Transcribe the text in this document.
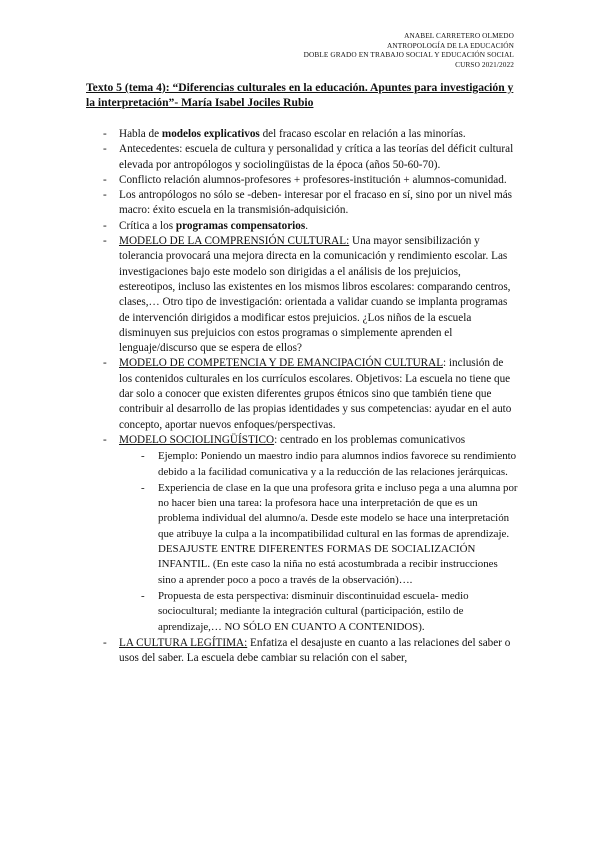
ANABEL CARRETERO OLMEDO
ANTROPOLOGÍA DE LA EDUCACIÓN
DOBLE GRADO EN TRABAJO SOCIAL Y EDUCACIÓN SOCIAL
CURSO 2021/2022
Texto 5 (tema 4): “Diferencias culturales en la educación. Apuntes para investigación y la interpretación”- María Isabel Jociles Rubio
- Habla de modelos explicativos del fracaso escolar en relación a las minorías.
- Antecedentes: escuela de cultura y personalidad y crítica a las teorías del déficit cultural elevada por antropólogos y sociolingüistas de la época (años 50-60-70).
- Conflicto relación alumnos-profesores + profesores-institución + alumnos-comunidad.
- Los antropólogos no sólo se -deben- interesar por el fracaso en sí, sino por un nivel más macro: éxito escuela en la transmisión-adquisición.
- Crítica a los programas compensatorios.
- MODELO DE LA COMPRENSIÓN CULTURAL: Una mayor sensibilización y tolerancia provocará una mejora directa en la comunicación y rendimiento escolar. Las investigaciones bajo este modelo son dirigidas a el análisis de los prejuicios, estereotipos, incluso las existentes en los mismos libros escolares: comparando centros, clases,… Otro tipo de investigación: orientada a validar cuando se implanta programas de intervención dirigidos a modificar estos prejuicios. ¿Los niños de la escuela disminuyen sus prejuicios con estos programas o simplemente aprenden el lenguaje/discurso que se espera de ellos?
- MODELO DE COMPETENCIA Y DE EMANCIPACIÓN CULTURAL: inclusión de los contenidos culturales en los currículos escolares. Objetivos: La escuela no tiene que dar solo a conocer que existen diferentes grupos étnicos sino que también tiene que contribuir al desarrollo de las propias identidades y sus competencias: ayudar en el auto concepto, aportar nuevos enfoques/perspectivas.
- MODELO SOCIOLINGÜÍSTICO: centrado en los problemas comunicativos
- Ejemplo: Poniendo un maestro indio para alumnos indios favorece su rendimiento debido a la facilidad comunicativa y a la reducción de las relaciones jerárquicas.
- Experiencia de clase en la que una profesora grita e incluso pega a una alumna por no hacer bien una tarea: la profesora hace una interpretación de que es un problema individual del alumno/a. Desde este modelo se hace una interpretación que atribuye la culpa a la incompatibilidad cultural en las formas de aprendizaje. DESAJUSTE ENTRE DIFERENTES FORMAS DE SOCIALIZACIÓN INFANTIL. (En este caso la niña no está acostumbrada a recibir instrucciones sino a aprender poco a poco a través de la observación)….
- Propuesta de esta perspectiva: disminuir discontinuidad escuela- medio sociocultural; mediante la integración cultural (participación, estilo de aprendizaje,… NO SÓLO EN CUANTO A CONTENIDOS).
- LA CULTURA LEGÍTIMA: Enfatiza el desajuste en cuanto a las relaciones del saber o usos del saber. La escuela debe cambiar su relación con el saber,
